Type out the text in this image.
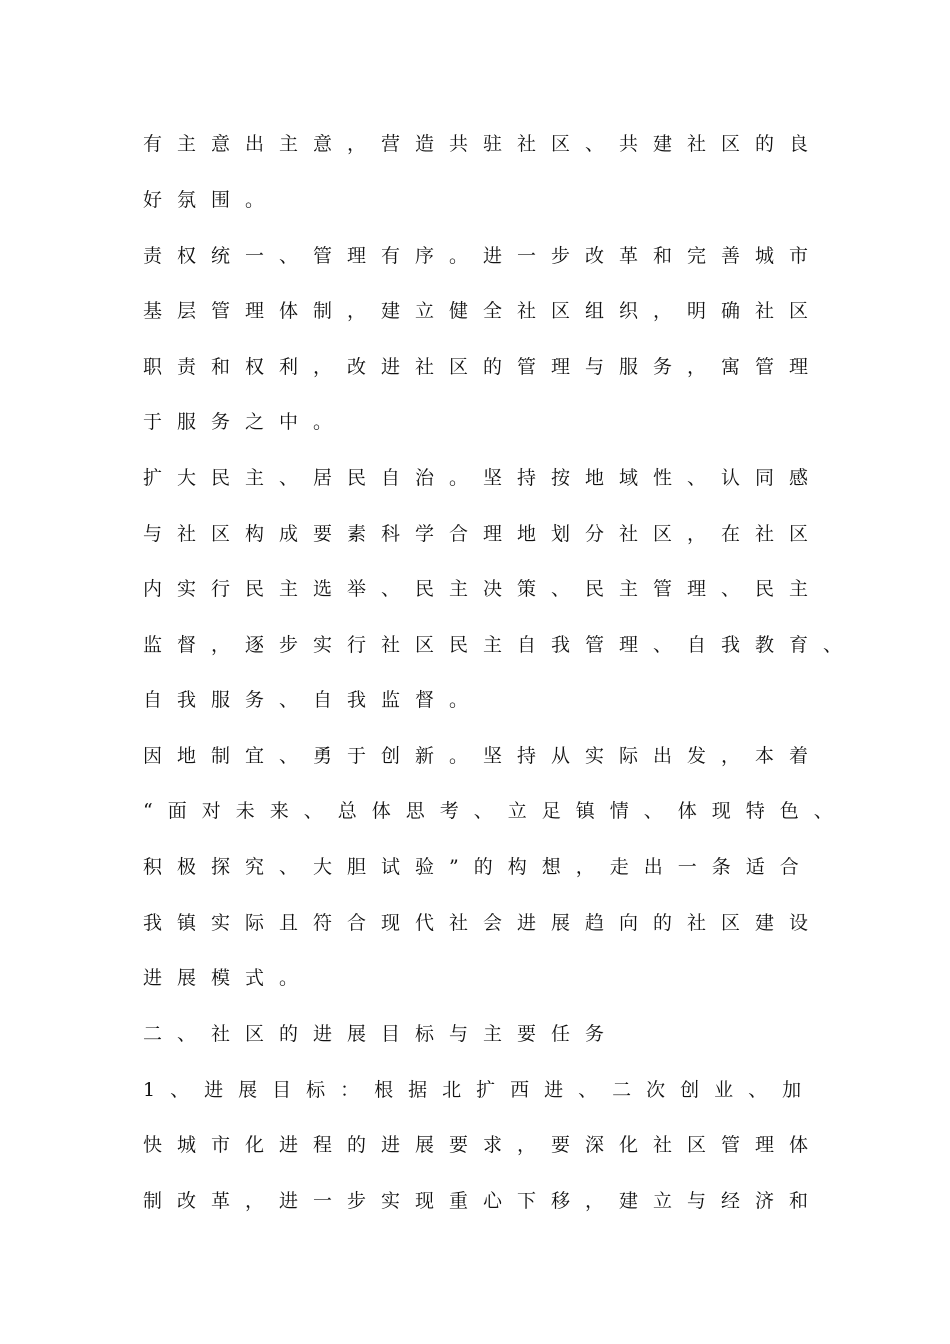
有主意出主意，营造共驻社区、共建社区的良
好氛围。
责权统一、管理有序。进一步改革和完善城市
基层管理体制，建立健全社区组织，明确社区
职责和权利，改进社区的管理与服务，寓管理
于服务之中。
扩大民主、居民自治。坚持按地域性、认同感
与社区构成要素科学合理地划分社区，在社区
内实行民主选举、民主决策、民主管理、民主
监督，逐步实行社区民主自我管理、自我教育、
自我服务、自我监督。
因地制宜、勇于创新。坚持从实际出发，本着
“面对未来、总体思考、立足镇情、体现特色、
积极探究、大胆试验”的构想，走出一条适合
我镇实际且符合现代社会进展趋向的社区建设
进展模式。
二、社区的进展目标与主要任务
1、进展目标：根据北扩西进、二次创业、加
快城市化进程的进展要求，要深化社区管理体
制改革，进一步实现重心下移，建立与经济和
